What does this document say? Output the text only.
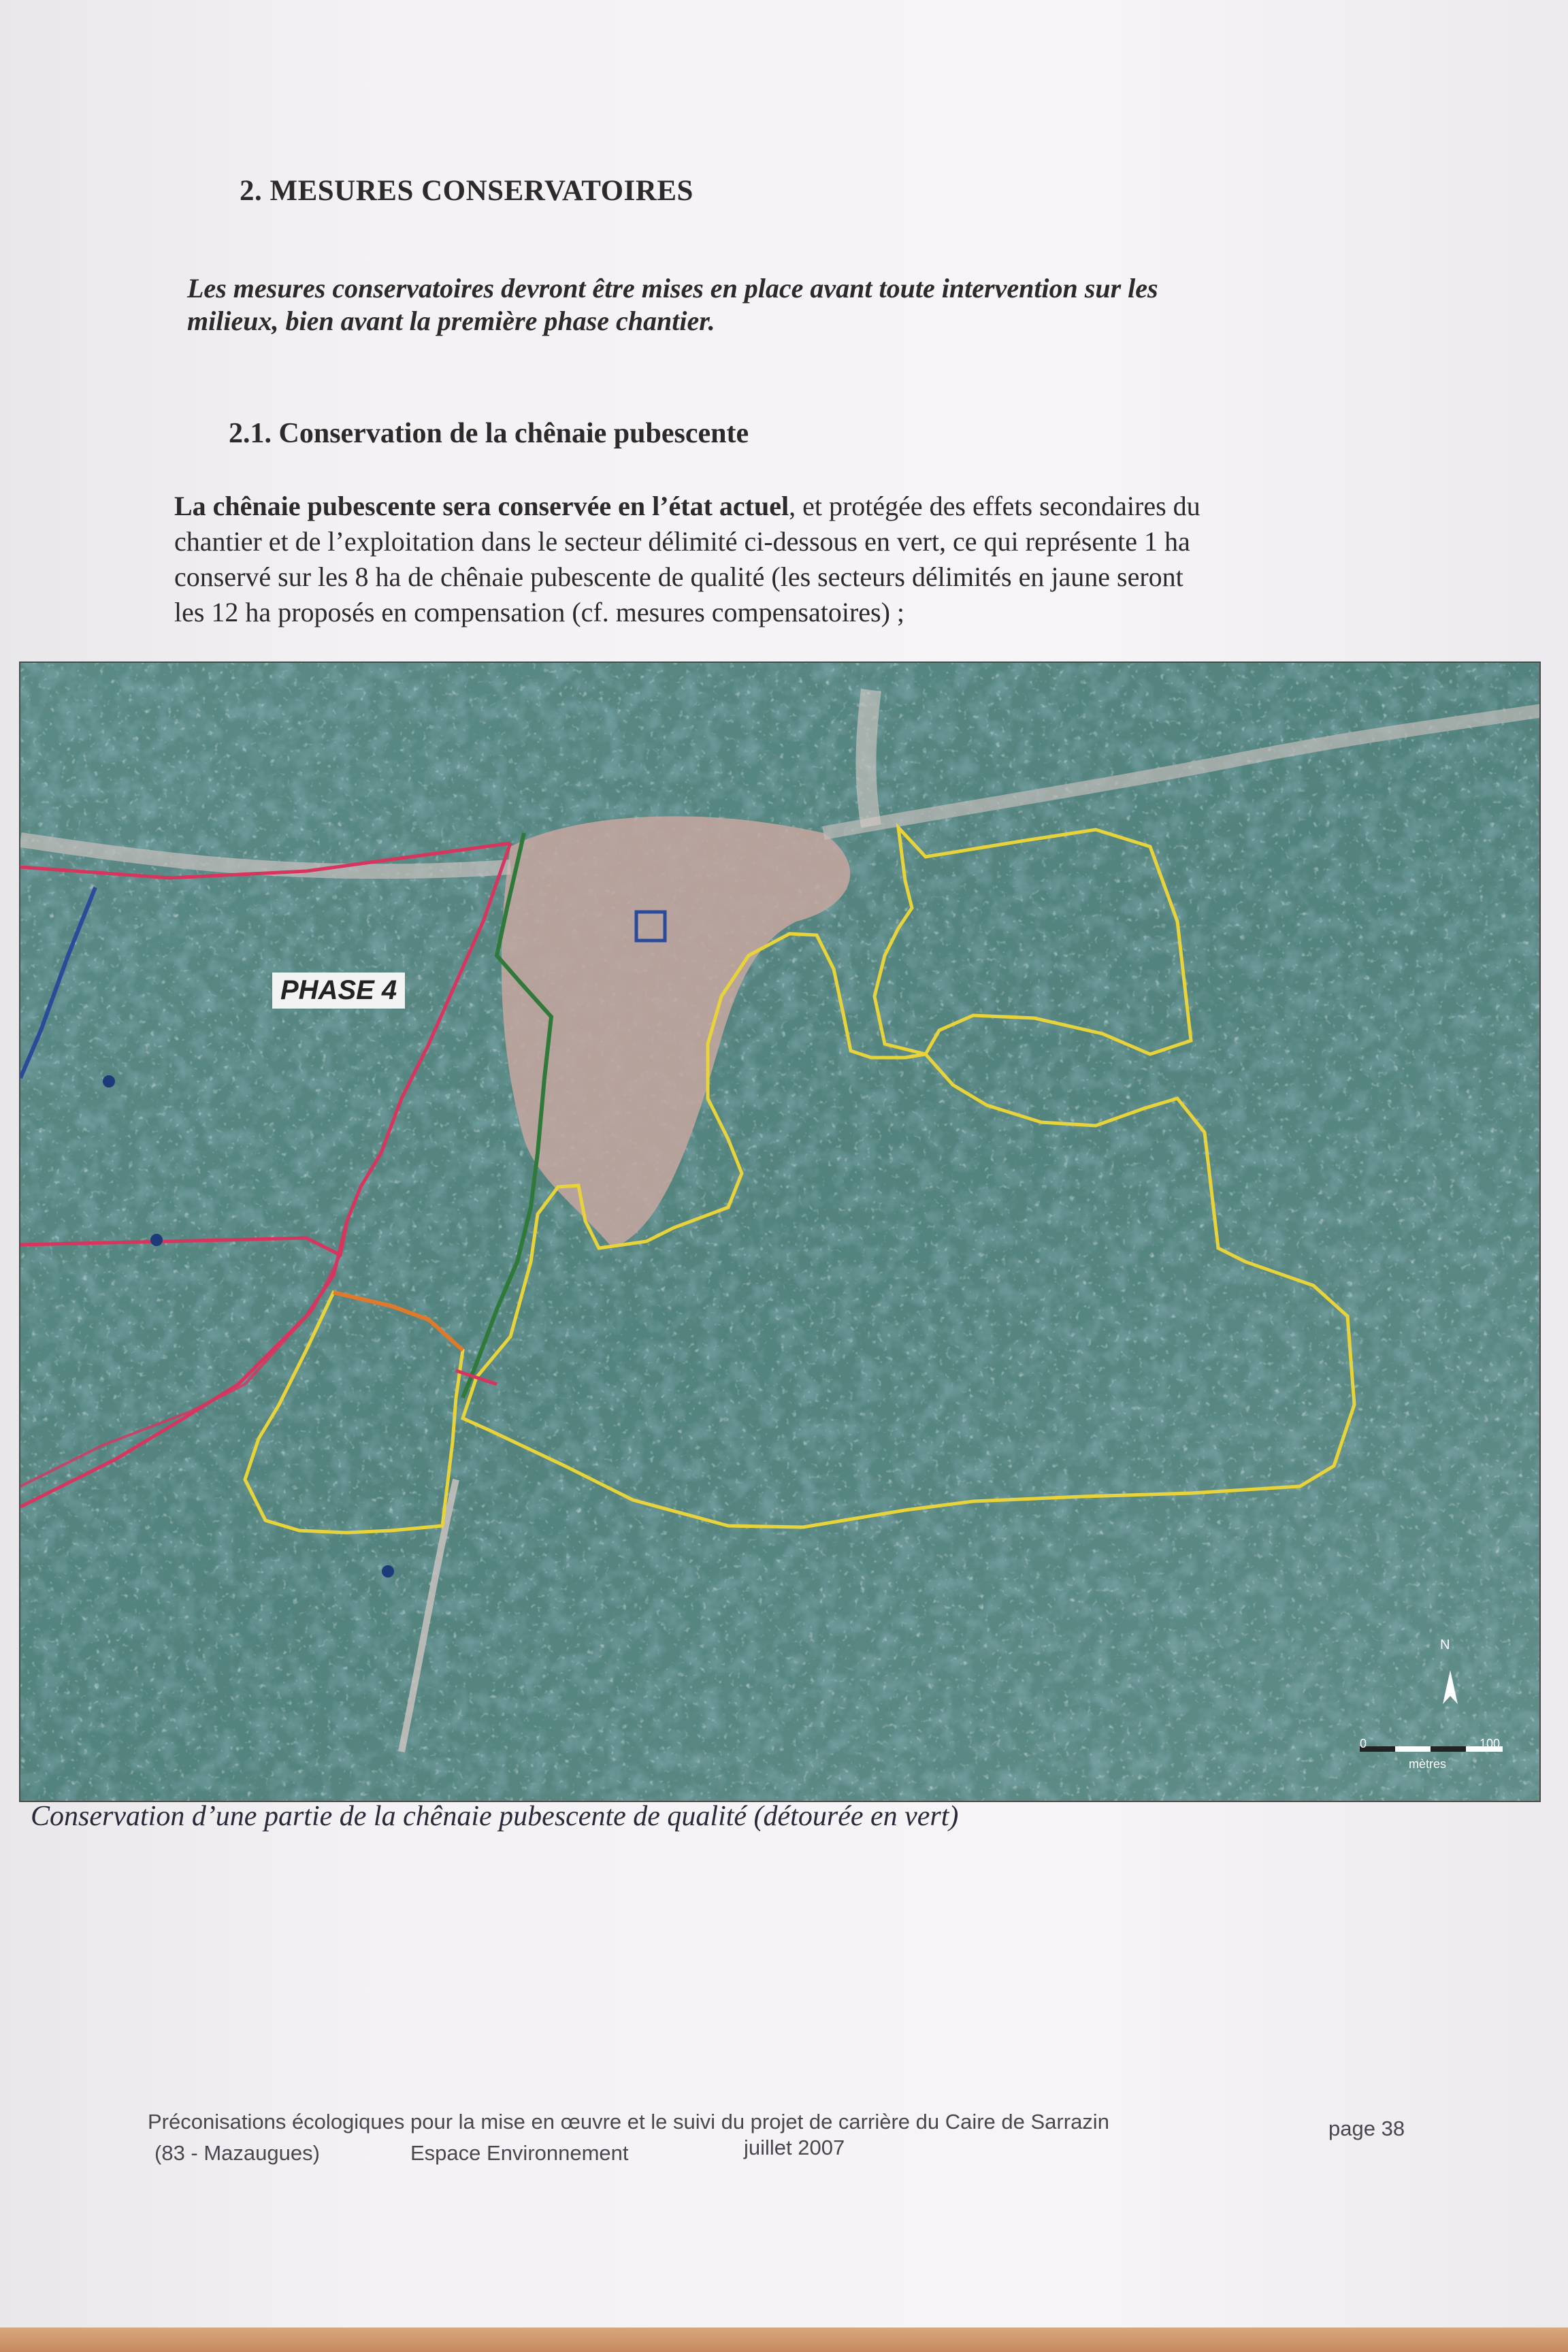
2. MESURES CONSERVATOIRES
Les mesures conservatoires devront être mises en place avant toute intervention sur les
milieux, bien avant la première phase chantier.
2.1. Conservation de la chênaie pubescente
La chênaie pubescente sera conservée en l’état actuel, et protégée des effets secondaires du
chantier et de l’exploitation dans le secteur délimité ci-dessous en vert, ce qui représente 1 ha
conservé sur les 8 ha de chênaie pubescente de qualité (les secteurs délimités en jaune seront
les 12 ha proposés en compensation (cf. mesures compensatoires) ;
PHASE 4
N
0	100
mètres
Conservation d’une partie de la chênaie pubescente de qualité (détourée en vert)
Préconisations écologiques pour la mise en œuvre et le suivi du projet de carrière du Caire de Sarrazin
(83 - Mazaugues)	Espace Environnement	juillet 2007
page 38
